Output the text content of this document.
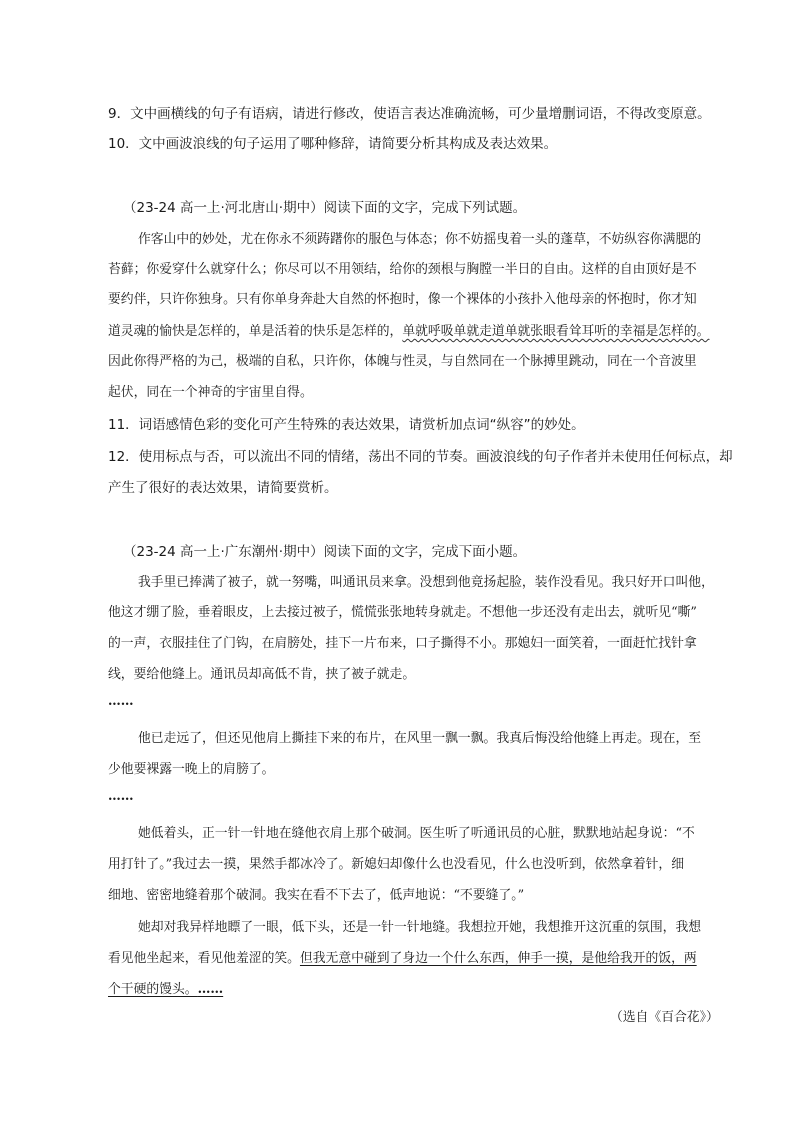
9．文中画横线的句子有语病，请进行修改，使语言表达准确流畅，可少量增删词语，不得改变原意。
10．文中画波浪线的句子运用了哪种修辞，请简要分析其构成及表达效果。
（23-24 高一上·河北唐山·期中）阅读下面的文字，完成下列试题。
作客山中的妙处，尤在你永不须踌躇你的服色与体态；你不妨摇曳着一头的蓬草，不妨纵容你满腮的
苔藓；你爱穿什么就穿什么；你尽可以不用领结，给你的颈根与胸膛一半日的自由。这样的自由顶好是不
要约伴，只许你独身。只有你单身奔赴大自然的怀抱时，像一个裸体的小孩扑入他母亲的怀抱时，你才知
道灵魂的愉快是怎样的，单是活着的快乐是怎样的，单就呼吸单就走道单就张眼看耸耳听的幸福是怎样的。
因此你得严格的为己，极端的自私，只许你，体魄与性灵，与自然同在一个脉搏里跳动，同在一个音波里
起伏，同在一个神奇的宇宙里自得。
11．词语感情色彩的变化可产生特殊的表达效果，请赏析加点词“纵容”的妙处。
12．使用标点与否，可以流出不同的情绪，荡出不同的节奏。画波浪线的句子作者并未使用任何标点，却
产生了很好的表达效果，请简要赏析。
（23-24 高一上·广东潮州·期中）阅读下面的文字，完成下面小题。
我手里已捧满了被子，就一努嘴，叫通讯员来拿。没想到他竟扬起脸，装作没看见。我只好开口叫他，
他这才绷了脸，垂着眼皮，上去接过被子，慌慌张张地转身就走。不想他一步还没有走出去，就听见“嘶”
的一声，衣服挂住了门钩，在肩膀处，挂下一片布来，口子撕得不小。那媳妇一面笑着，一面赶忙找针拿
线，要给他缝上。通讯员却高低不肯，挟了被子就走。
……
他已走远了，但还见他肩上撕挂下来的布片，在风里一飘一飘。我真后悔没给他缝上再走。现在，至
少他要裸露一晚上的肩膀了。
……
她低着头，正一针一针地在缝他衣肩上那个破洞。医生听了听通讯员的心脏，默默地站起身说：“不
用打针了。”我过去一摸，果然手都冰冷了。新媳妇却像什么也没看见，什么也没听到，依然拿着针，细
细地、密密地缝着那个破洞。我实在看不下去了，低声地说：“不要缝了。”
她却对我异样地瞟了一眼，低下头，还是一针一针地缝。我想拉开她，我想推开这沉重的氛围，我想
看见他坐起来，看见他羞涩的笑。但我无意中碰到了身边一个什么东西，伸手一摸，是他给我开的饭，两
个干硬的馒头。……
（选自《百合花》）
